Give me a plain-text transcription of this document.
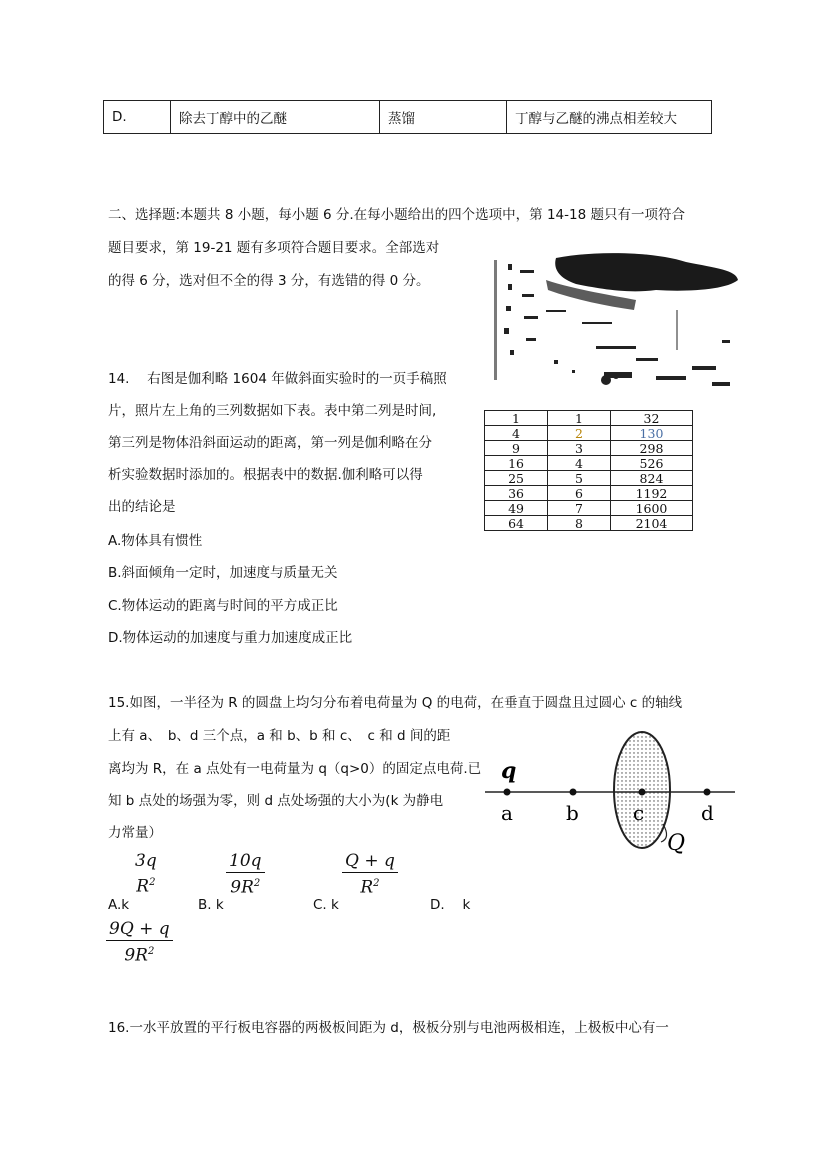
D.	除去丁醇中的乙醚	蒸馏	丁醇与乙醚的沸点相差较大
二、选择题:本题共 8 小题，每小题 6 分.在每小题给出的四个选项中，第 14-18 题只有一项符合
题目要求，第 19-21 题有多项符合题目要求。全部选对
的得 6 分，选对但不全的得 3 分，有选错的得 0 分。
14.　 右图是伽利略 1604 年做斜面实验时的一页手稿照
片，照片左上角的三列数据如下表。表中第二列是时间,
第三列是物体沿斜面运动的距离，第一列是伽利略在分
析实验数据时添加的。根据表中的数据.伽利略可以得
出的结论是
1	1	32
4	2	130
9	3	298
16	4	526
25	5	824
36	6	1192
49	7	1600
64	8	2104
A.物体具有惯性
B.斜面倾角一定时，加速度与质量无关
C.物体运动的距离与时间的平方成正比
D.物体运动的加速度与重力加速度成正比
15.如图，一半径为 R 的圆盘上均匀分布着电荷量为 Q 的电荷，在垂直于圆盘且过圆心 c 的轴线
上有 a、　b、d 三个点，a 和 b、b 和 c、　c 和 d 间的距
离均为 R，在 a 点处有一电荷量为 q（q>0）的固定点电荷.已
知 b 点处的场强为零，则 d 点处场强的大小为(k 为静电
力常量）
q
a	b	c	d
Q
3q
$R^2$
A.k
$\frac{10q}{9R^2}$
B. k
$\frac{Q + q}{R^2}$
C. k	D.　 k
$\frac{9Q + q}{9R^2}$
16.一水平放置的平行板电容器的两极板间距为 d，极板分别与电池两极相连，上极板中心有一
